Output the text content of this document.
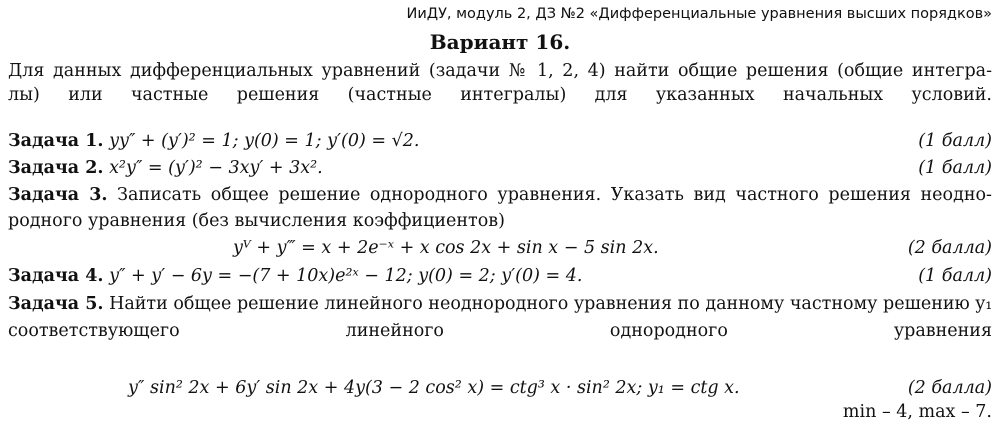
ИиДУ, модуль 2, ДЗ №2 «Дифференциальные уравнения высших порядков»
Вариант 16.
Для данных дифференциальных уравнений (задачи № 1, 2, 4) найти общие решения (общие интегра-
лы) или частные решения (частные интегралы) для указанных начальных условий.
Задача 1. yy″ + (y′)² = 1; y(0) = 1; y′(0) = √2.	(1 балл)
Задача 2. x²y″ = (y′)² − 3xy′ + 3x².	(1 балл)
Задача 3. Записать общее решение однородного уравнения. Указать вид частного решения неодно-
родного уравнения (без вычисления коэффициентов)
yⱽ + y‴ = x + 2e⁻ˣ + x cos 2x + sin x − 5 sin 2x.	(2 балла)
Задача 4. y″ + y′ − 6y = −(7 + 10x)e²ˣ − 12; y(0) = 2; y′(0) = 4.	(1 балл)
Задача 5. Найти общее решение линейного неоднородного уравнения по данному частному решению y₁
соответствующего линейного однородного уравнения
y″ sin² 2x + 6y′ sin 2x + 4y(3 − 2 cos² x) = ctg³ x · sin² 2x; y₁ = ctg x.	(2 балла)
min – 4, max – 7.
